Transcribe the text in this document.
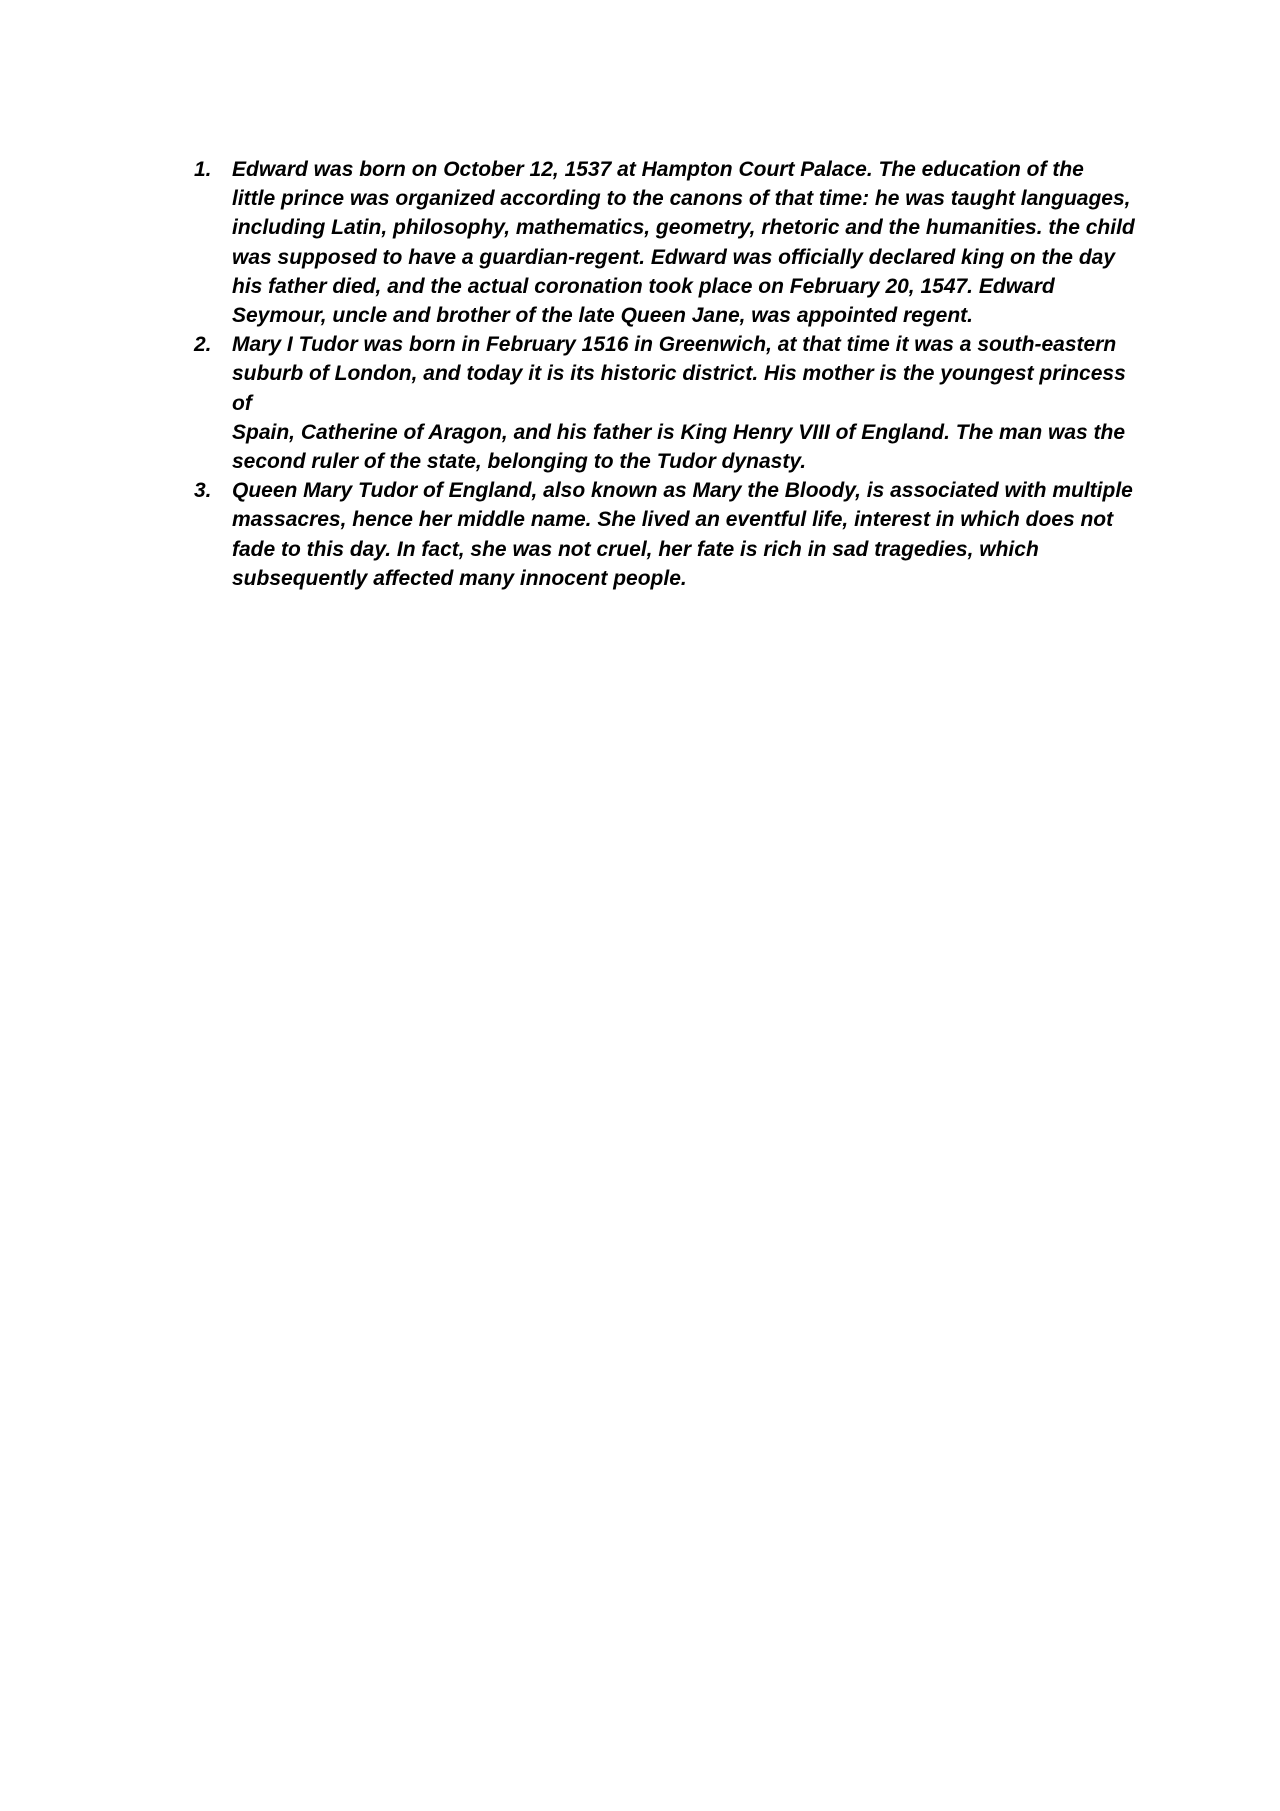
1. Edward was born on October 12, 1537 at Hampton Court Palace. The education of the
little prince was organized according to the canons of that time: he was taught languages,
including Latin, philosophy, mathematics, geometry, rhetoric and the humanities. the child
was supposed to have a guardian-regent. Edward was officially declared king on the day
his father died, and the actual coronation took place on February 20, 1547. Edward
Seymour, uncle and brother of the late Queen Jane, was appointed regent.
2. Mary I Tudor was born in February 1516 in Greenwich, at that time it was a south-eastern
suburb of London, and today it is its historic district. His mother is the youngest princess of
Spain, Catherine of Aragon, and his father is King Henry VIII of England. The man was the
second ruler of the state, belonging to the Tudor dynasty.
3. Queen Mary Tudor of England, also known as Mary the Bloody, is associated with multiple
massacres, hence her middle name. She lived an eventful life, interest in which does not
fade to this day. In fact, she was not cruel, her fate is rich in sad tragedies, which
subsequently affected many innocent people.
